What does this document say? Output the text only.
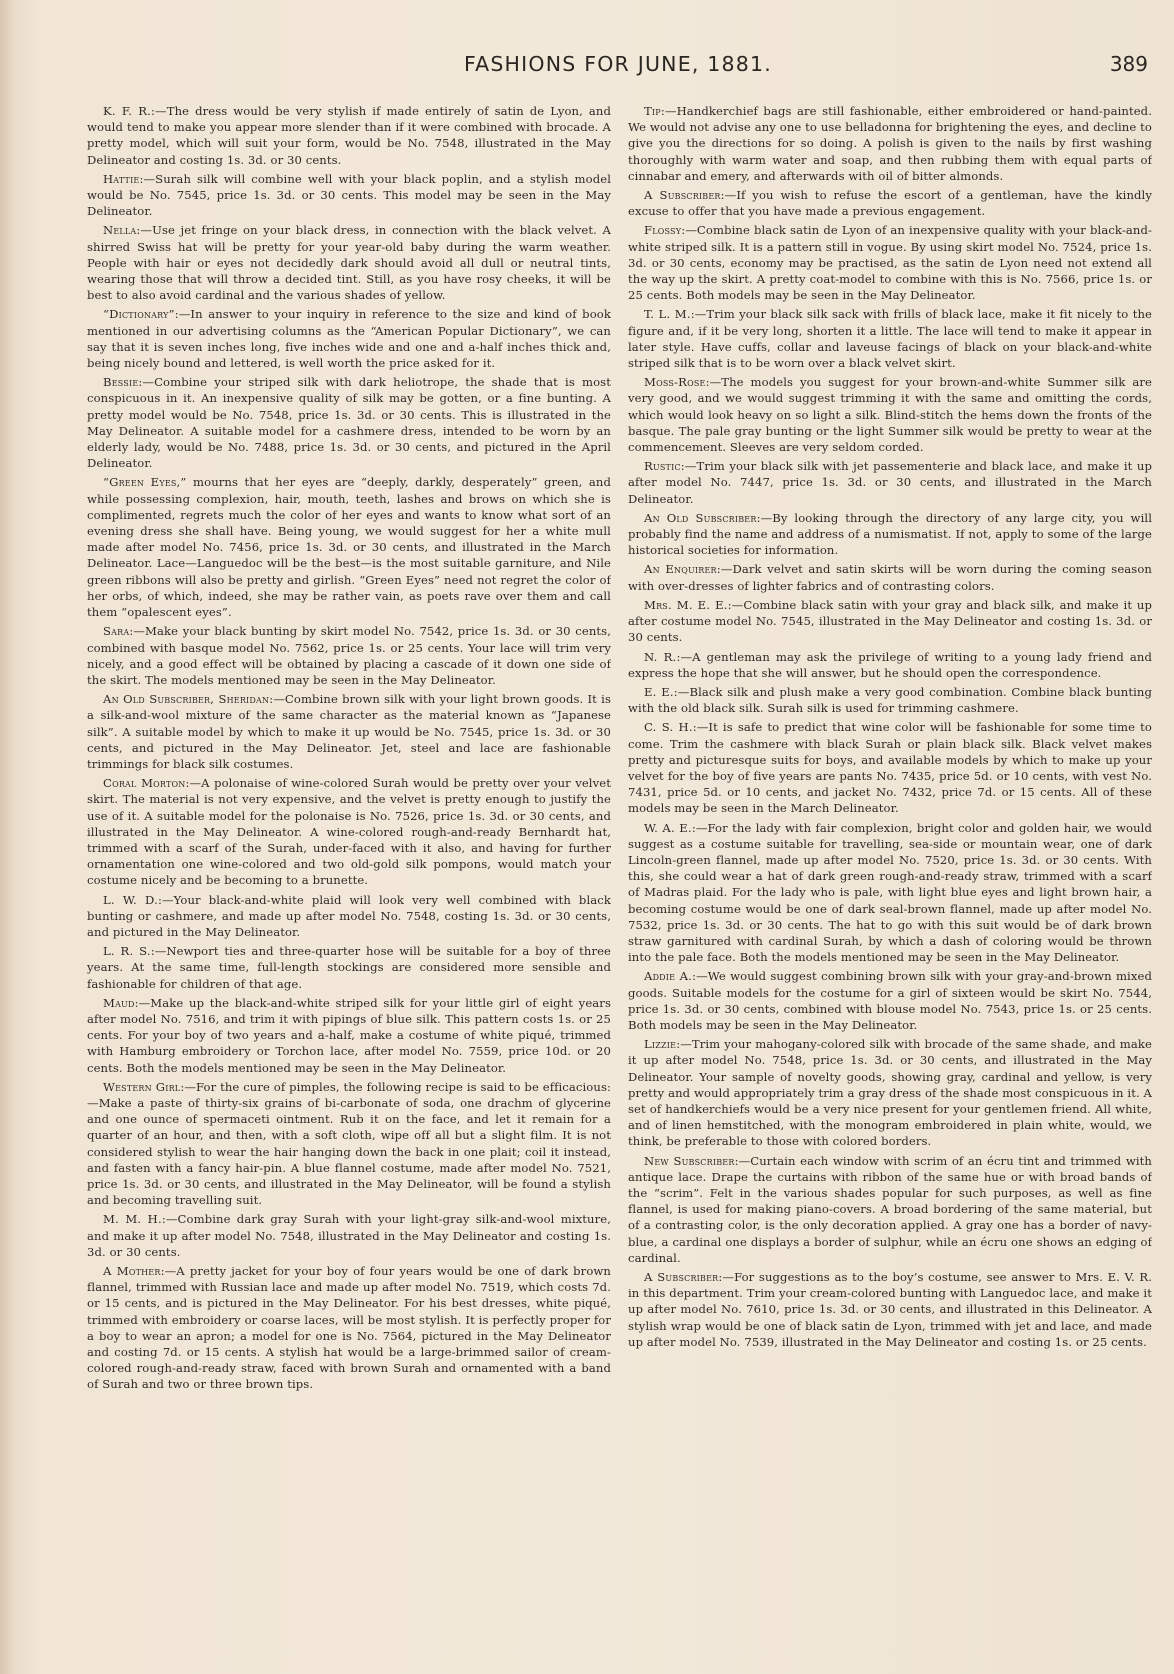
FASHIONS FOR JUNE, 1881.	389

K. F. R.:—The dress would be very stylish if made entirely of satin de Lyon, and would tend to make you appear more slender than if it were combined with brocade. A pretty model, which will suit your form, would be No. 7548, illustrated in the May Delineator and costing 1s. 3d. or 30 cents.

Hattie:—Surah silk will combine well with your black poplin, and a stylish model would be No. 7545, price 1s. 3d. or 30 cents. This model may be seen in the May Delineator.

Nella:—Use jet fringe on your black dress, in connection with the black velvet. A shirred Swiss hat will be pretty for your year-old baby during the warm weather. People with hair or eyes not decidedly dark should avoid all dull or neutral tints, wearing those that will throw a decided tint. Still, as you have rosy cheeks, it will be best to also avoid cardinal and the various shades of yellow.

“Dictionary”:—In answer to your inquiry in reference to the size and kind of book mentioned in our advertising columns as the “American Popular Dictionary”, we can say that it is seven inches long, five inches wide and one and a-half inches thick and, being nicely bound and lettered, is well worth the price asked for it.

Bessie:—Combine your striped silk with dark heliotrope, the shade that is most conspicuous in it. An inexpensive quality of silk may be gotten, or a fine bunting. A pretty model would be No. 7548, price 1s. 3d. or 30 cents. This is illustrated in the May Delineator. A suitable model for a cashmere dress, intended to be worn by an elderly lady, would be No. 7488, price 1s. 3d. or 30 cents, and pictured in the April Delineator.

“Green Eyes,” mourns that her eyes are “deeply, darkly, desperately” green, and while possessing complexion, hair, mouth, teeth, lashes and brows on which she is complimented, regrets much the color of her eyes and wants to know what sort of an evening dress she shall have. Being young, we would suggest for her a white mull made after model No. 7456, price 1s. 3d. or 30 cents, and illustrated in the March Delineator. Lace—Languedoc will be the best—is the most suitable garniture, and Nile green ribbons will also be pretty and girlish. “Green Eyes” need not regret the color of her orbs, of which, indeed, she may be rather vain, as poets rave over them and call them “opalescent eyes”.

Sara:—Make your black bunting by skirt model No. 7542, price 1s. 3d. or 30 cents, combined with basque model No. 7562, price 1s. or 25 cents. Your lace will trim very nicely, and a good effect will be obtained by placing a cascade of it down one side of the skirt. The models mentioned may be seen in the May Delineator.

An Old Subscriber, Sheridan:—Combine brown silk with your light brown goods. It is a silk-and-wool mixture of the same character as the material known as “Japanese silk”. A suitable model by which to make it up would be No. 7545, price 1s. 3d. or 30 cents, and pictured in the May Delineator. Jet, steel and lace are fashionable trimmings for black silk costumes.

Coral Morton:—A polonaise of wine-colored Surah would be pretty over your velvet skirt. The material is not very expensive, and the velvet is pretty enough to justify the use of it. A suitable model for the polonaise is No. 7526, price 1s. 3d. or 30 cents, and illustrated in the May Delineator. A wine-colored rough-and-ready Bernhardt hat, trimmed with a scarf of the Surah, under-faced with it also, and having for further ornamentation one wine-colored and two old-gold silk pompons, would match your costume nicely and be becoming to a brunette.

L. W. D.:—Your black-and-white plaid will look very well combined with black bunting or cashmere, and made up after model No. 7548, costing 1s. 3d. or 30 cents, and pictured in the May Delineator.

L. R. S.:—Newport ties and three-quarter hose will be suitable for a boy of three years. At the same time, full-length stockings are considered more sensible and fashionable for children of that age.

Maud:—Make up the black-and-white striped silk for your little girl of eight years after model No. 7516, and trim it with pipings of blue silk. This pattern costs 1s. or 25 cents. For your boy of two years and a-half, make a costume of white piqué, trimmed with Hamburg embroidery or Torchon lace, after model No. 7559, price 10d. or 20 cents. Both the models mentioned may be seen in the May Delineator.

Western Girl:—For the cure of pimples, the following recipe is said to be efficacious:—Make a paste of thirty-six grains of bi-carbonate of soda, one drachm of glycerine and one ounce of spermaceti ointment. Rub it on the face, and let it remain for a quarter of an hour, and then, with a soft cloth, wipe off all but a slight film. It is not considered stylish to wear the hair hanging down the back in one plait; coil it instead, and fasten with a fancy hair-pin. A blue flannel costume, made after model No. 7521, price 1s. 3d. or 30 cents, and illustrated in the May Delineator, will be found a stylish and becoming travelling suit.

M. M. H.:—Combine dark gray Surah with your light-gray silk-and-wool mixture, and make it up after model No. 7548, illustrated in the May Delineator and costing 1s. 3d. or 30 cents.

A Mother:—A pretty jacket for your boy of four years would be one of dark brown flannel, trimmed with Russian lace and made up after model No. 7519, which costs 7d. or 15 cents, and is pictured in the May Delineator. For his best dresses, white piqué, trimmed with embroidery or coarse laces, will be most stylish. It is perfectly proper for a boy to wear an apron; a model for one is No. 7564, pictured in the May Delineator and costing 7d. or 15 cents. A stylish hat would be a large-brimmed sailor of cream-colored rough-and-ready straw, faced with brown Surah and ornamented with a band of Surah and two or three brown tips.

Tip:—Handkerchief bags are still fashionable, either embroidered or hand-painted. We would not advise any one to use belladonna for brightening the eyes, and decline to give you the directions for so doing. A polish is given to the nails by first washing thoroughly with warm water and soap, and then rubbing them with equal parts of cinnabar and emery, and afterwards with oil of bitter almonds.

A Subscriber:—If you wish to refuse the escort of a gentleman, have the kindly excuse to offer that you have made a previous engagement.

Flossy:—Combine black satin de Lyon of an inexpensive quality with your black-and-white striped silk. It is a pattern still in vogue. By using skirt model No. 7524, price 1s. 3d. or 30 cents, economy may be practised, as the satin de Lyon need not extend all the way up the skirt. A pretty coat-model to combine with this is No. 7566, price 1s. or 25 cents. Both models may be seen in the May Delineator.

T. L. M.:—Trim your black silk sack with frills of black lace, make it fit nicely to the figure and, if it be very long, shorten it a little. The lace will tend to make it appear in later style. Have cuffs, collar and laveuse facings of black on your black-and-white striped silk that is to be worn over a black velvet skirt.

Moss-Rose:—The models you suggest for your brown-and-white Summer silk are very good, and we would suggest trimming it with the same and omitting the cords, which would look heavy on so light a silk. Blind-stitch the hems down the fronts of the basque. The pale gray bunting or the light Summer silk would be pretty to wear at the commencement. Sleeves are very seldom corded.

Rustic:—Trim your black silk with jet passementerie and black lace, and make it up after model No. 7447, price 1s. 3d. or 30 cents, and illustrated in the March Delineator.

An Old Subscriber:—By looking through the directory of any large city, you will probably find the name and address of a numismatist. If not, apply to some of the large historical societies for information.

An Enquirer:—Dark velvet and satin skirts will be worn during the coming season with over-dresses of lighter fabrics and of contrasting colors.

Mrs. M. E. E.:—Combine black satin with your gray and black silk, and make it up after costume model No. 7545, illustrated in the May Delineator and costing 1s. 3d. or 30 cents.

N. R.:—A gentleman may ask the privilege of writing to a young lady friend and express the hope that she will answer, but he should open the correspondence.

E. E.:—Black silk and plush make a very good combination. Combine black bunting with the old black silk. Surah silk is used for trimming cashmere.

C. S. H.:—It is safe to predict that wine color will be fashionable for some time to come. Trim the cashmere with black Surah or plain black silk. Black velvet makes pretty and picturesque suits for boys, and available models by which to make up your velvet for the boy of five years are pants No. 7435, price 5d. or 10 cents, with vest No. 7431, price 5d. or 10 cents, and jacket No. 7432, price 7d. or 15 cents. All of these models may be seen in the March Delineator.

W. A. E.:—For the lady with fair complexion, bright color and golden hair, we would suggest as a costume suitable for travelling, sea-side or mountain wear, one of dark Lincoln-green flannel, made up after model No. 7520, price 1s. 3d. or 30 cents. With this, she could wear a hat of dark green rough-and-ready straw, trimmed with a scarf of Madras plaid. For the lady who is pale, with light blue eyes and light brown hair, a becoming costume would be one of dark seal-brown flannel, made up after model No. 7532, price 1s. 3d. or 30 cents. The hat to go with this suit would be of dark brown straw garnitured with cardinal Surah, by which a dash of coloring would be thrown into the pale face. Both the models mentioned may be seen in the May Delineator.

Addie A.:—We would suggest combining brown silk with your gray-and-brown mixed goods. Suitable models for the costume for a girl of sixteen would be skirt No. 7544, price 1s. 3d. or 30 cents, combined with blouse model No. 7543, price 1s. or 25 cents. Both models may be seen in the May Delineator.

Lizzie:—Trim your mahogany-colored silk with brocade of the same shade, and make it up after model No. 7548, price 1s. 3d. or 30 cents, and illustrated in the May Delineator. Your sample of novelty goods, showing gray, cardinal and yellow, is very pretty and would appropriately trim a gray dress of the shade most conspicuous in it. A set of handkerchiefs would be a very nice present for your gentlemen friend. All white, and of linen hemstitched, with the monogram embroidered in plain white, would, we think, be preferable to those with colored borders.

New Subscriber:—Curtain each window with scrim of an écru tint and trimmed with antique lace. Drape the curtains with ribbon of the same hue or with broad bands of the “scrim”. Felt in the various shades popular for such purposes, as well as fine flannel, is used for making piano-covers. A broad bordering of the same material, but of a contrasting color, is the only decoration applied. A gray one has a border of navy-blue, a cardinal one displays a border of sulphur, while an écru one shows an edging of cardinal.

A Subscriber:—For suggestions as to the boy’s costume, see answer to Mrs. E. V. R. in this department. Trim your cream-colored bunting with Languedoc lace, and make it up after model No. 7610, price 1s. 3d. or 30 cents, and illustrated in this Delineator. A stylish wrap would be one of black satin de Lyon, trimmed with jet and lace, and made up after model No. 7539, illustrated in the May Delineator and costing 1s. or 25 cents.
